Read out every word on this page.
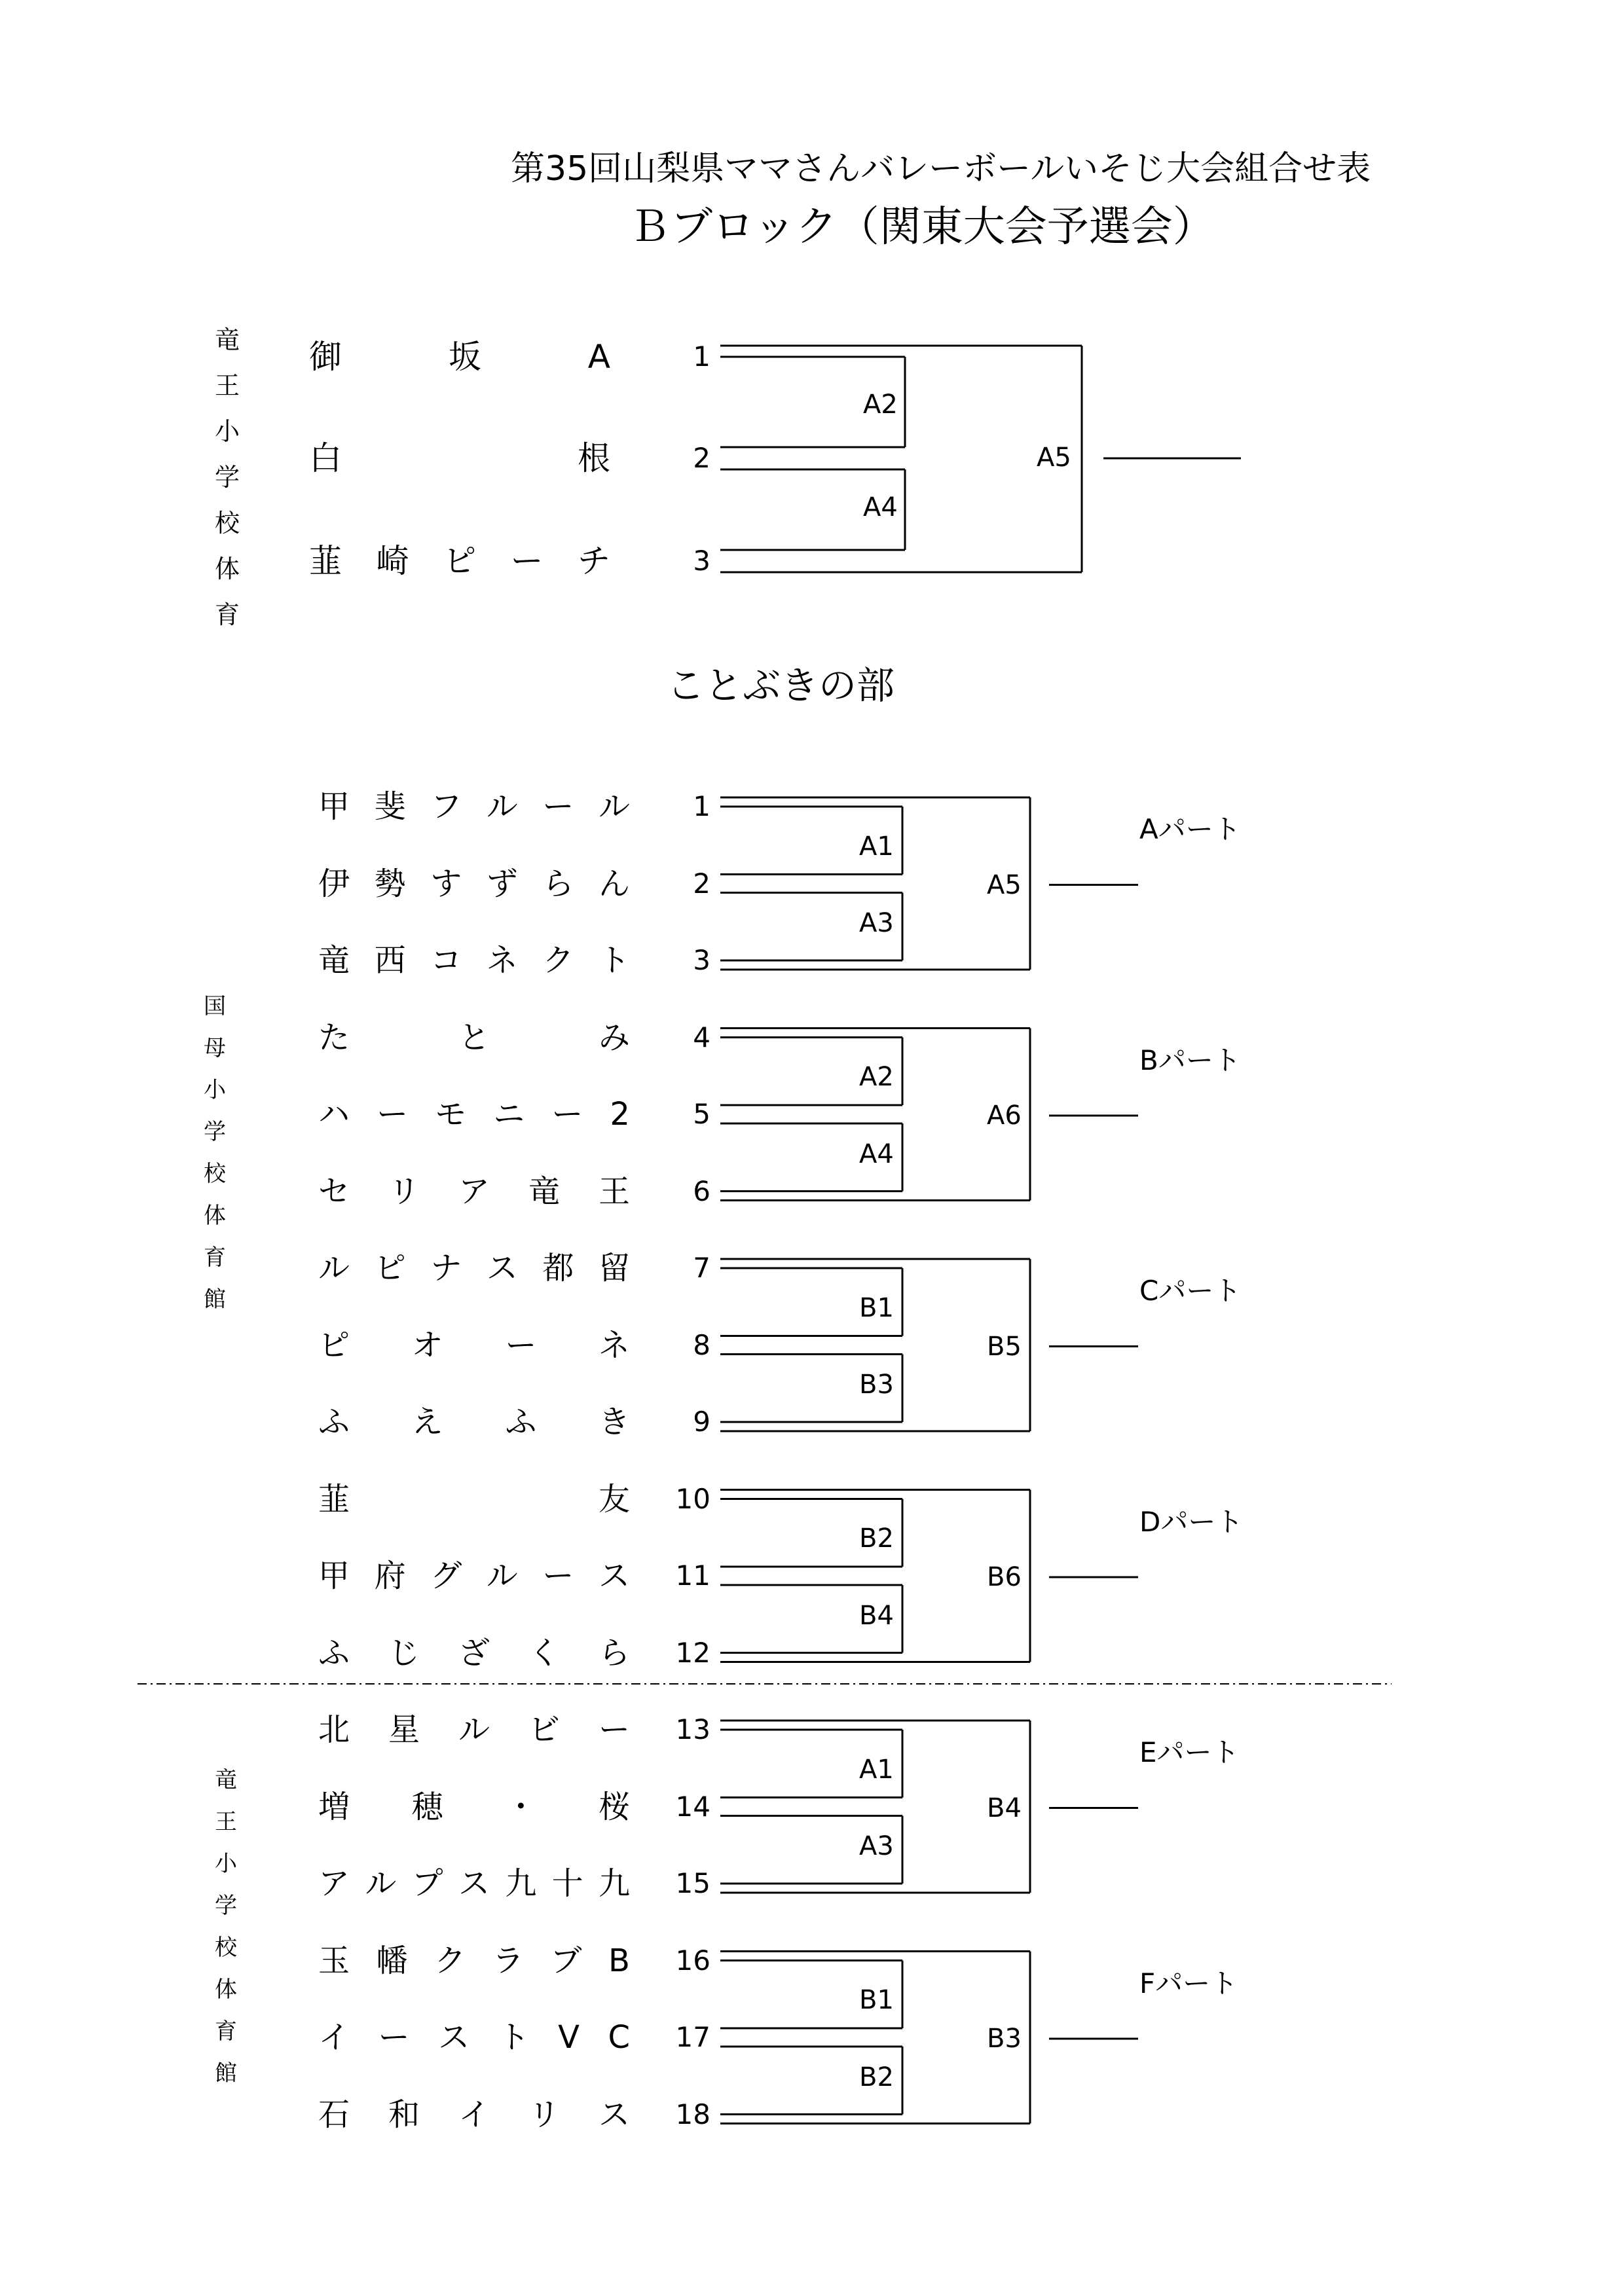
第35回山梨県ママさんバレーボールいそじ大会組合せ表
Ｂブロック（関東大会予選会）
ことぶきの部
竜
王
小
学
校
体
育
御	坂	A	1
白	根	2
韮 崎 ピ ー チ	3
A2
A4
A5
甲 斐 フ ル ー ル	1
伊 勢 す ず ら ん	2
竜 西 コ ネ ク ト	3
た	と	み	4
ハ ー モ ニ ー 2	5
セ リ ア 竜 王	6
ル ピ ナ ス 都 留	7
ピ オ ー ネ	8
ふ え ふ き	9
韮	友	10
甲 府 グ ル ー ス	11
ふ じ ざ く ら	12
北 星 ル ビ ー	13
増 穂 ・ 桜	14
ア ル プ ス 九 十 九	15
玉 幡 ク ラ ブ B	16
イ ー ス ト V C	17
石 和 イ リ ス	18
A1
A3
A5
Aパート
A2
A4
A6
Bパート
B1
B3
B5
Cパート
B2
B4
B6
Dパート
A1
A3
B4
Eパート
B1
B2
B3
Fパート
国
母
小
学
校
体
育
館
竜
王
小
学
校
体
育
館
